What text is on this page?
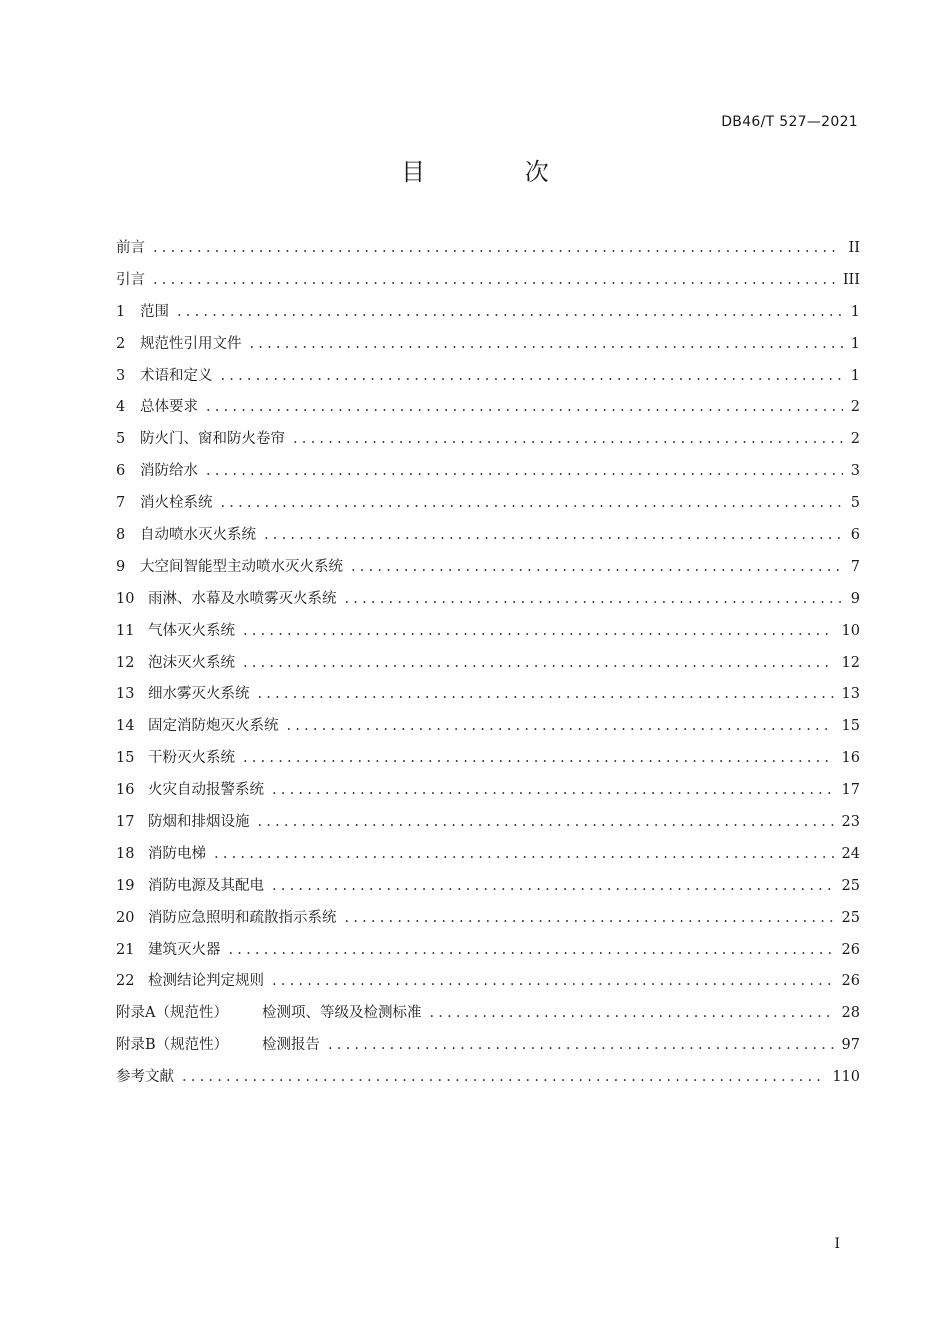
DB46/T 527—2021
目 次
前言 .....	II
引言 .....	III
1 范围 .....	1
2 规范性引用文件 .....	1
3 术语和定义 .....	1
4 总体要求 .....	2
5 防火门、窗和防火卷帘 .....	2
6 消防给水 .....	3
7 消火栓系统 .....	5
8 自动喷水灭火系统 .....	6
9 大空间智能型主动喷水灭火系统 .....	7
10 雨淋、水幕及水喷雾灭火系统 .....	9
11 气体灭火系统 .....	10
12 泡沫灭火系统 .....	12
13 细水雾灭火系统 .....	13
14 固定消防炮灭火系统 .....	15
15 干粉灭火系统 .....	16
16 火灾自动报警系统 .....	17
17 防烟和排烟设施 .....	23
18 消防电梯 .....	24
19 消防电源及其配电 .....	25
20 消防应急照明和疏散指示系统 .....	25
21 建筑灭火器 .....	26
22 检测结论判定规则 .....	26
附录A（规范性） 检测项、等级及检测标准 .....	28
附录B（规范性） 检测报告 .....	97
参考文献 .....	110
I
